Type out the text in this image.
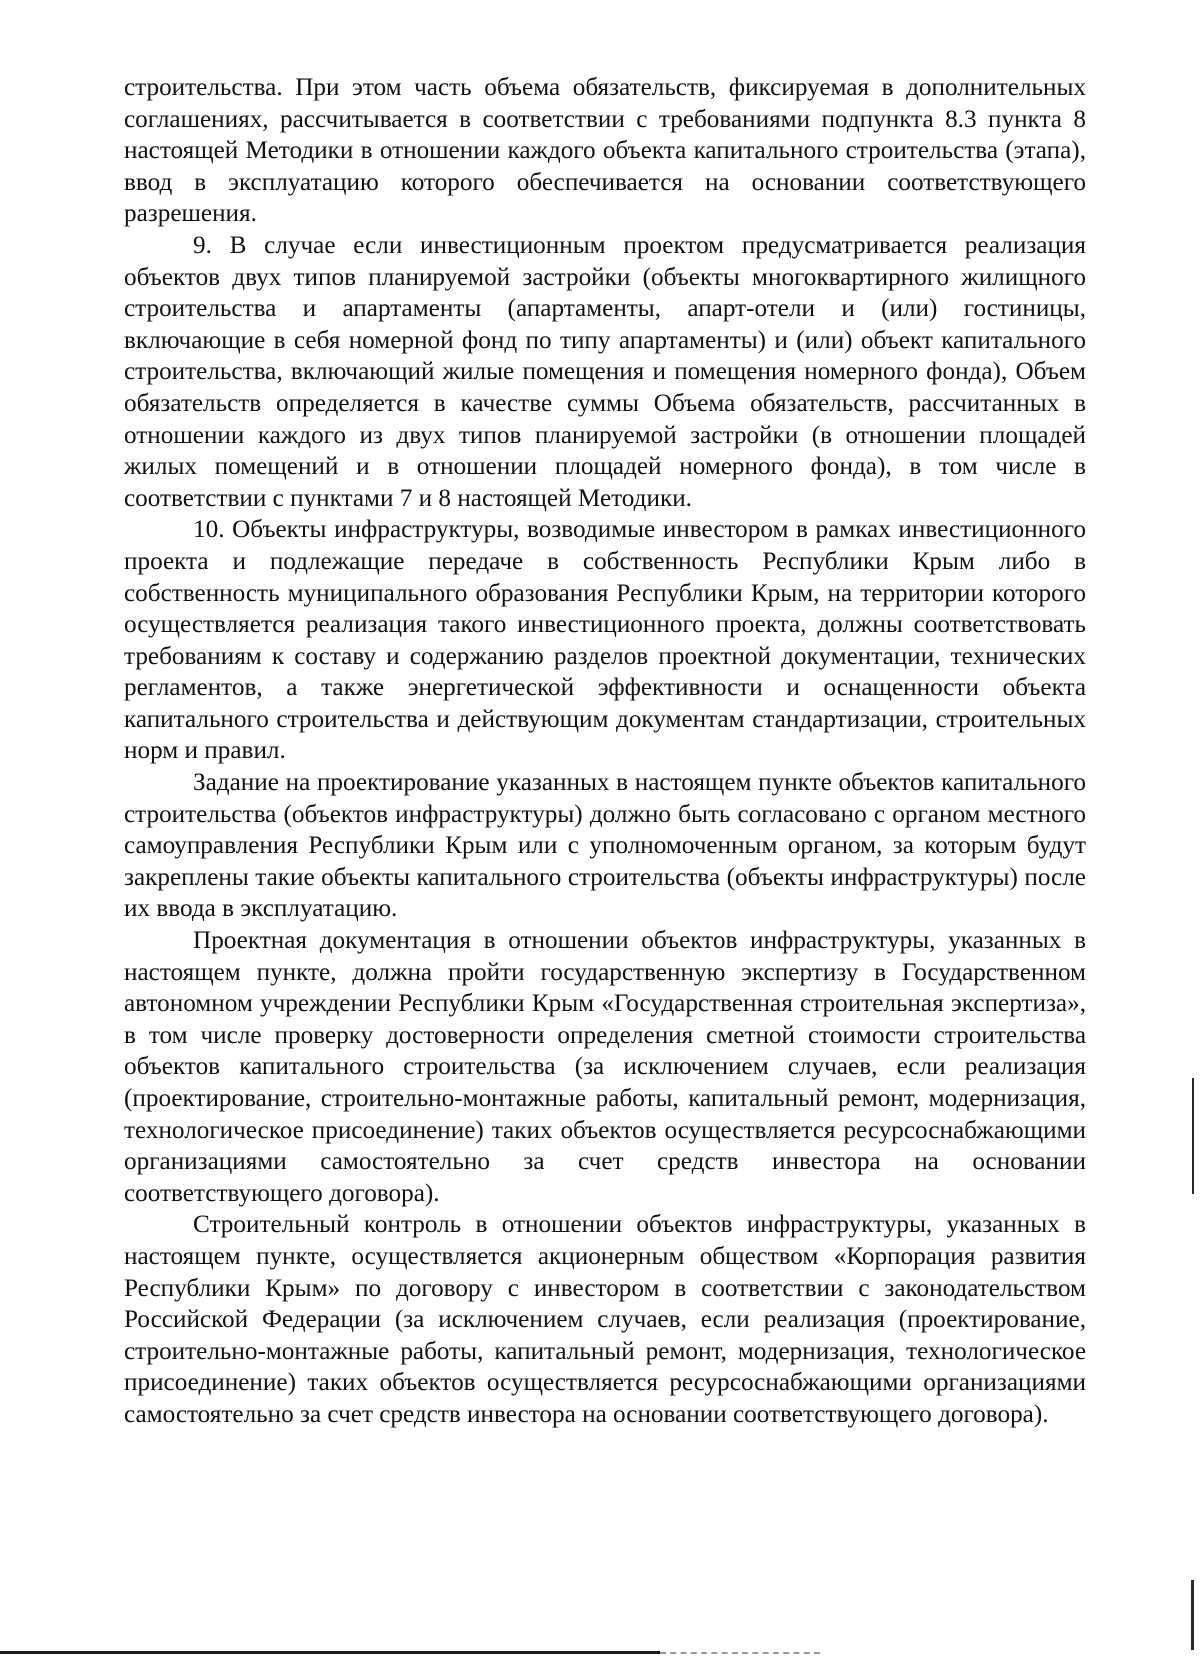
строительства. При этом часть объема обязательств, фиксируемая в дополнительных соглашениях, рассчитывается в соответствии с требованиями подпункта 8.3 пункта 8 настоящей Методики в отношении каждого объекта капитального строительства (этапа), ввод в эксплуатацию которого обеспечивается на основании соответствующего разрешения.

9. В случае если инвестиционным проектом предусматривается реализация объектов двух типов планируемой застройки (объекты многоквартирного жилищного строительства и апартаменты (апартаменты, апарт-отели и (или) гостиницы, включающие в себя номерной фонд по типу апартаменты) и (или) объект капитального строительства, включающий жилые помещения и помещения номерного фонда), Объем обязательств определяется в качестве суммы Объема обязательств, рассчитанных в отношении каждого из двух типов планируемой застройки (в отношении площадей жилых помещений и в отношении площадей номерного фонда), в том числе в соответствии с пунктами 7 и 8 настоящей Методики.

10. Объекты инфраструктуры, возводимые инвестором в рамках инвестиционного проекта и подлежащие передаче в собственность Республики Крым либо в собственность муниципального образования Республики Крым, на территории которого осуществляется реализация такого инвестиционного проекта, должны соответствовать требованиям к составу и содержанию разделов проектной документации, технических регламентов, а также энергетической эффективности и оснащенности объекта капитального строительства и действующим документам стандартизации, строительных норм и правил.

Задание на проектирование указанных в настоящем пункте объектов капитального строительства (объектов инфраструктуры) должно быть согласовано с органом местного самоуправления Республики Крым или с уполномоченным органом, за которым будут закреплены такие объекты капитального строительства (объекты инфраструктуры) после их ввода в эксплуатацию.

Проектная документация в отношении объектов инфраструктуры, указанных в настоящем пункте, должна пройти государственную экспертизу в Государственном автономном учреждении Республики Крым «Государственная строительная экспертиза», в том числе проверку достоверности определения сметной стоимости строительства объектов капитального строительства (за исключением случаев, если реализация (проектирование, строительно-монтажные работы, капитальный ремонт, модернизация, технологическое присоединение) таких объектов осуществляется ресурсоснабжающими организациями самостоятельно за счет средств инвестора на основании соответствующего договора).

Строительный контроль в отношении объектов инфраструктуры, указанных в настоящем пункте, осуществляется акционерным обществом «Корпорация развития Республики Крым» по договору с инвестором в соответствии с законодательством Российской Федерации (за исключением случаев, если реализация (проектирование, строительно-монтажные работы, капитальный ремонт, модернизация, технологическое присоединение) таких объектов осуществляется ресурсоснабжающими организациями самостоятельно за счет средств инвестора на основании соответствующего договора).
